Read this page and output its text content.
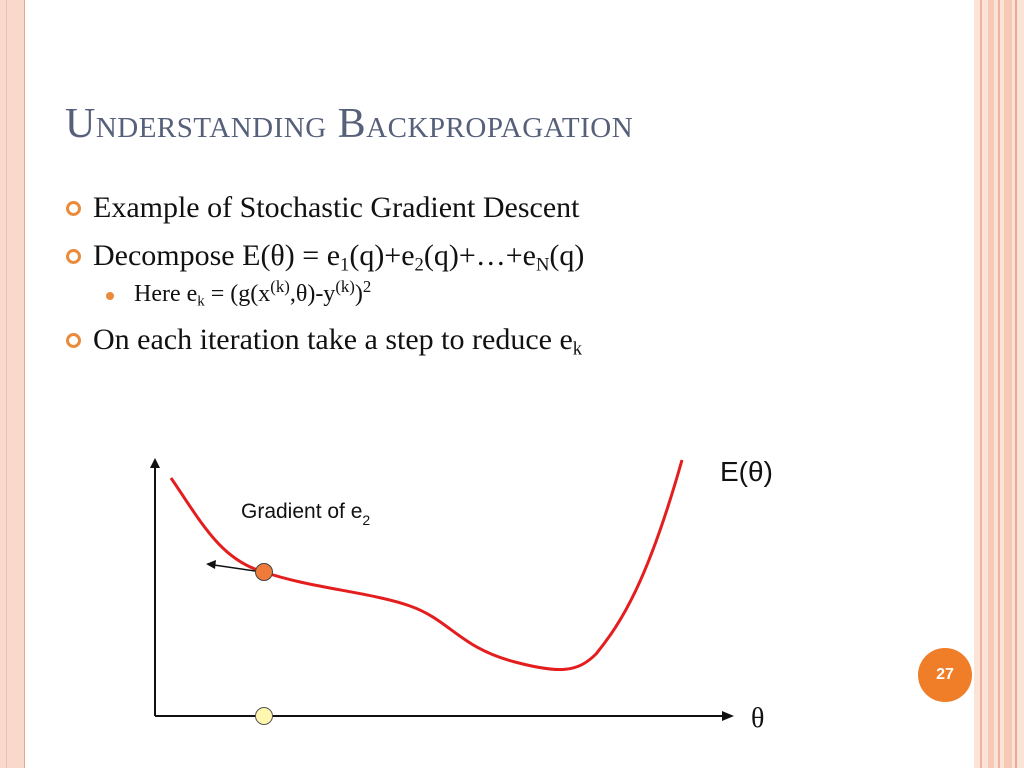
Understanding Backpropagation
Example of Stochastic Gradient Descent
Decompose $E(\theta) = e_1(q)+e_2(q)+\dots+e_N(q)$
Here $e_k = (g(x^{(k)},\theta)-y^{(k)})^2$
On each iteration take a step to reduce $e_k$
E(θ)
θ
Gradient of $e_2$
27
